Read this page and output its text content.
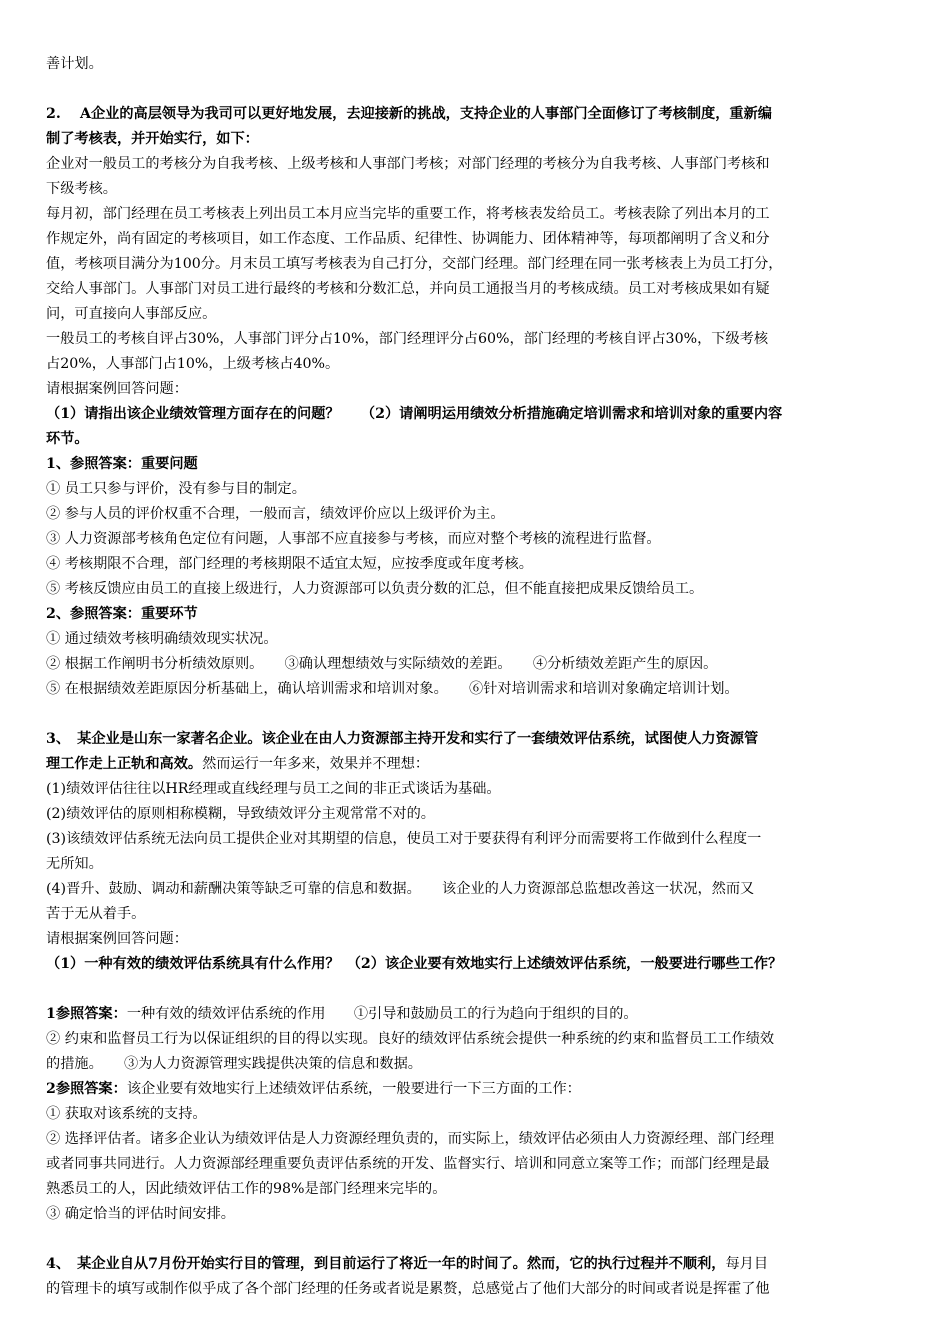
善计划。
2.　 A企业的高层领导为我司可以更好地发展，去迎接新的挑战，支持企业的人事部门全面修订了考核制度，重新编
制了考核表，并开始实行，如下：
企业对一般员工的考核分为自我考核、上级考核和人事部门考核；对部门经理的考核分为自我考核、人事部门考核和
下级考核。
每月初，部门经理在员工考核表上列出员工本月应当完毕的重要工作，将考核表发给员工。考核表除了列出本月的工
作规定外，尚有固定的考核项目，如工作态度、工作品质、纪律性、协调能力、团体精神等，每项都阐明了含义和分
值，考核项目满分为100分。月末员工填写考核表为自己打分，交部门经理。部门经理在同一张考核表上为员工打分，
交给人事部门。人事部门对员工进行最终的考核和分数汇总，并向员工通报当月的考核成绩。员工对考核成果如有疑
问，可直接向人事部反应。
一般员工的考核自评占30%，人事部门评分占10%，部门经理评分占60%，部门经理的考核自评占30%，下级考核
占20%，人事部门占10%，上级考核占40%。
请根据案例回答问题：
（1）请指出该企业绩效管理方面存在的问题？　　（2）请阐明运用绩效分析措施确定培训需求和培训对象的重要内容
环节。
1、参照答案：重要问题
① 员工只参与评价，没有参与目的制定。
② 参与人员的评价权重不合理，一般而言，绩效评价应以上级评价为主。
③ 人力资源部考核角色定位有问题，人事部不应直接参与考核，而应对整个考核的流程进行监督。
④ 考核期限不合理，部门经理的考核期限不适宜太短，应按季度或年度考核。
⑤ 考核反馈应由员工的直接上级进行，人力资源部可以负责分数的汇总，但不能直接把成果反馈给员工。
2、参照答案：重要环节
① 通过绩效考核明确绩效现实状况。
② 根据工作阐明书分析绩效原则。　　③确认理想绩效与实际绩效的差距。　　④分析绩效差距产生的原因。
⑤ 在根据绩效差距原因分析基础上，确认培训需求和培训对象。　　⑥针对培训需求和培训对象确定培训计划。
3、　某企业是山东一家著名企业。该企业在由人力资源部主持开发和实行了一套绩效评估系统，试图使人力资源管
理工作走上正轨和高效。然而运行一年多来，效果并不理想：
(1)绩效评估往往以HR经理或直线经理与员工之间的非正式谈话为基础。
(2)绩效评估的原则相称模糊，导致绩效评分主观常常不对的。
(3)该绩效评估系统无法向员工提供企业对其期望的信息，使员工对于要获得有利评分而需要将工作做到什么程度一
无所知。
(4)晋升、鼓励、调动和薪酬决策等缺乏可靠的信息和数据。　　该企业的人力资源部总监想改善这一状况，然而又
苦于无从着手。
请根据案例回答问题：
（1）一种有效的绩效评估系统具有什么作用？　（2）该企业要有效地实行上述绩效评估系统，一般要进行哪些工作？
1参照答案：一种有效的绩效评估系统的作用　　①引导和鼓励员工的行为趋向于组织的目的。
② 约束和监督员工行为以保证组织的目的得以实现。良好的绩效评估系统会提供一种系统的约束和监督员工工作绩效
的措施。　　③为人力资源管理实践提供决策的信息和数据。
2参照答案：该企业要有效地实行上述绩效评估系统，一般要进行一下三方面的工作：
① 获取对该系统的支持。
② 选择评估者。诸多企业认为绩效评估是人力资源经理负责的，而实际上，绩效评估必须由人力资源经理、部门经理
或者同事共同进行。人力资源部经理重要负责评估系统的开发、监督实行、培训和同意立案等工作；而部门经理是最
熟悉员工的人，因此绩效评估工作的98%是部门经理来完毕的。
③ 确定恰当的评估时间安排。
4、　某企业自从7月份开始实行目的管理，到目前运行了将近一年的时间了。然而，它的执行过程并不顺利，每月目
的管理卡的填写或制作似乎成了各个部门经理的任务或者说是累赘，总感觉占了他们大部分的时间或者说是挥霍了他
